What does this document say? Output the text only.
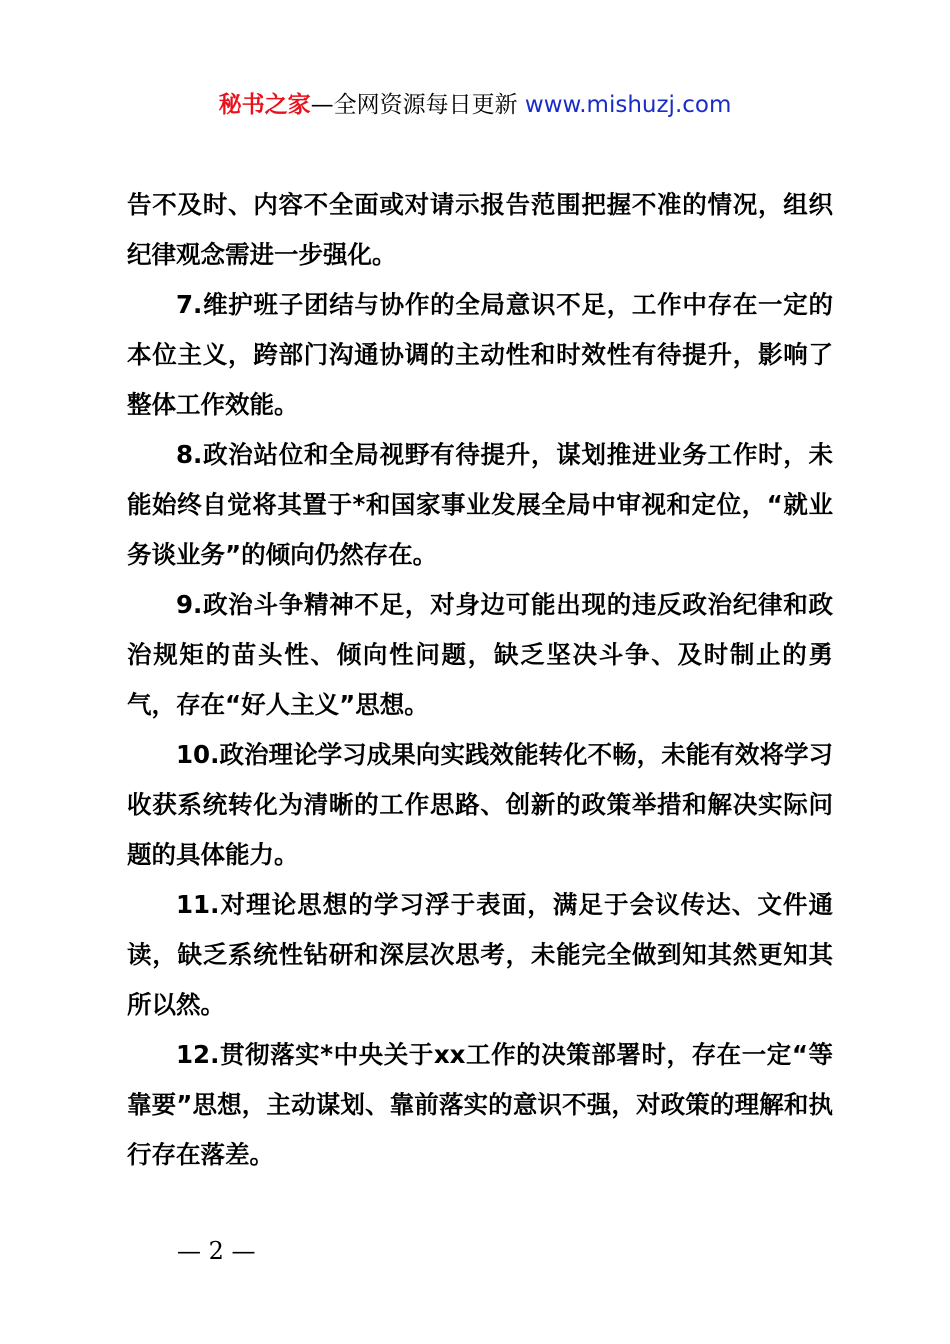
秘书之家—全网资源每日更新 www.mishuzj.com

告不及时、内容不全面或对请示报告范围把握不准的情况，组织纪律观念需进一步强化。

7.维护班子团结与协作的全局意识不足，工作中存在一定的本位主义，跨部门沟通协调的主动性和时效性有待提升，影响了整体工作效能。

8.政治站位和全局视野有待提升，谋划推进业务工作时，未能始终自觉将其置于*和国家事业发展全局中审视和定位，“就业务谈业务”的倾向仍然存在。

9.政治斗争精神不足，对身边可能出现的违反政治纪律和政治规矩的苗头性、倾向性问题，缺乏坚决斗争、及时制止的勇气，存在“好人主义”思想。

10.政治理论学习成果向实践效能转化不畅，未能有效将学习收获系统转化为清晰的工作思路、创新的政策举措和解决实际问题的具体能力。

11.对理论思想的学习浮于表面，满足于会议传达、文件通读，缺乏系统性钻研和深层次思考，未能完全做到知其然更知其所以然。

12.贯彻落实*中央关于xx工作的决策部署时，存在一定“等靠要”思想，主动谋划、靠前落实的意识不强，对政策的理解和执行存在落差。

— 2 —
